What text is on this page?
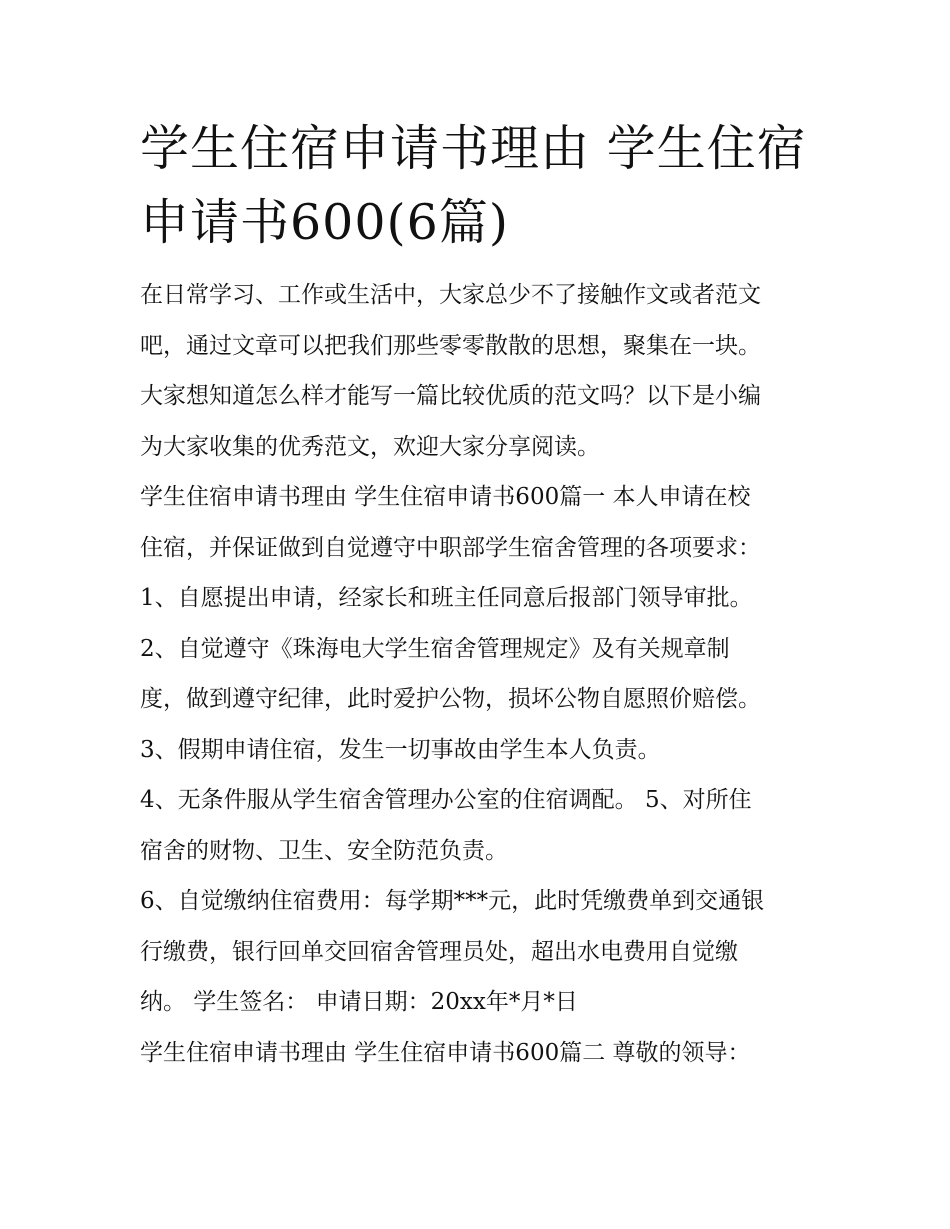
学生住宿申请书理由 学生住宿
申请书600(6篇)
在日常学习、工作或生活中，大家总少不了接触作文或者范文
吧，通过文章可以把我们那些零零散散的思想，聚集在一块。
大家想知道怎么样才能写一篇比较优质的范文吗？以下是小编
为大家收集的优秀范文，欢迎大家分享阅读。
学生住宿申请书理由 学生住宿申请书600篇一 本人申请在校
住宿，并保证做到自觉遵守中职部学生宿舍管理的各项要求：
1、自愿提出申请，经家长和班主任同意后报部门领导审批。
2、自觉遵守《珠海电大学生宿舍管理规定》及有关规章制
度，做到遵守纪律，此时爱护公物，损坏公物自愿照价赔偿。
3、假期申请住宿，发生一切事故由学生本人负责。
4、无条件服从学生宿舍管理办公室的住宿调配。 5、对所住
宿舍的财物、卫生、安全防范负责。
6、自觉缴纳住宿费用：每学期***元，此时凭缴费单到交通银
行缴费，银行回单交回宿舍管理员处，超出水电费用自觉缴
纳。 学生签名： 申请日期：20xx年*月*日
学生住宿申请书理由 学生住宿申请书600篇二 尊敬的领导：
